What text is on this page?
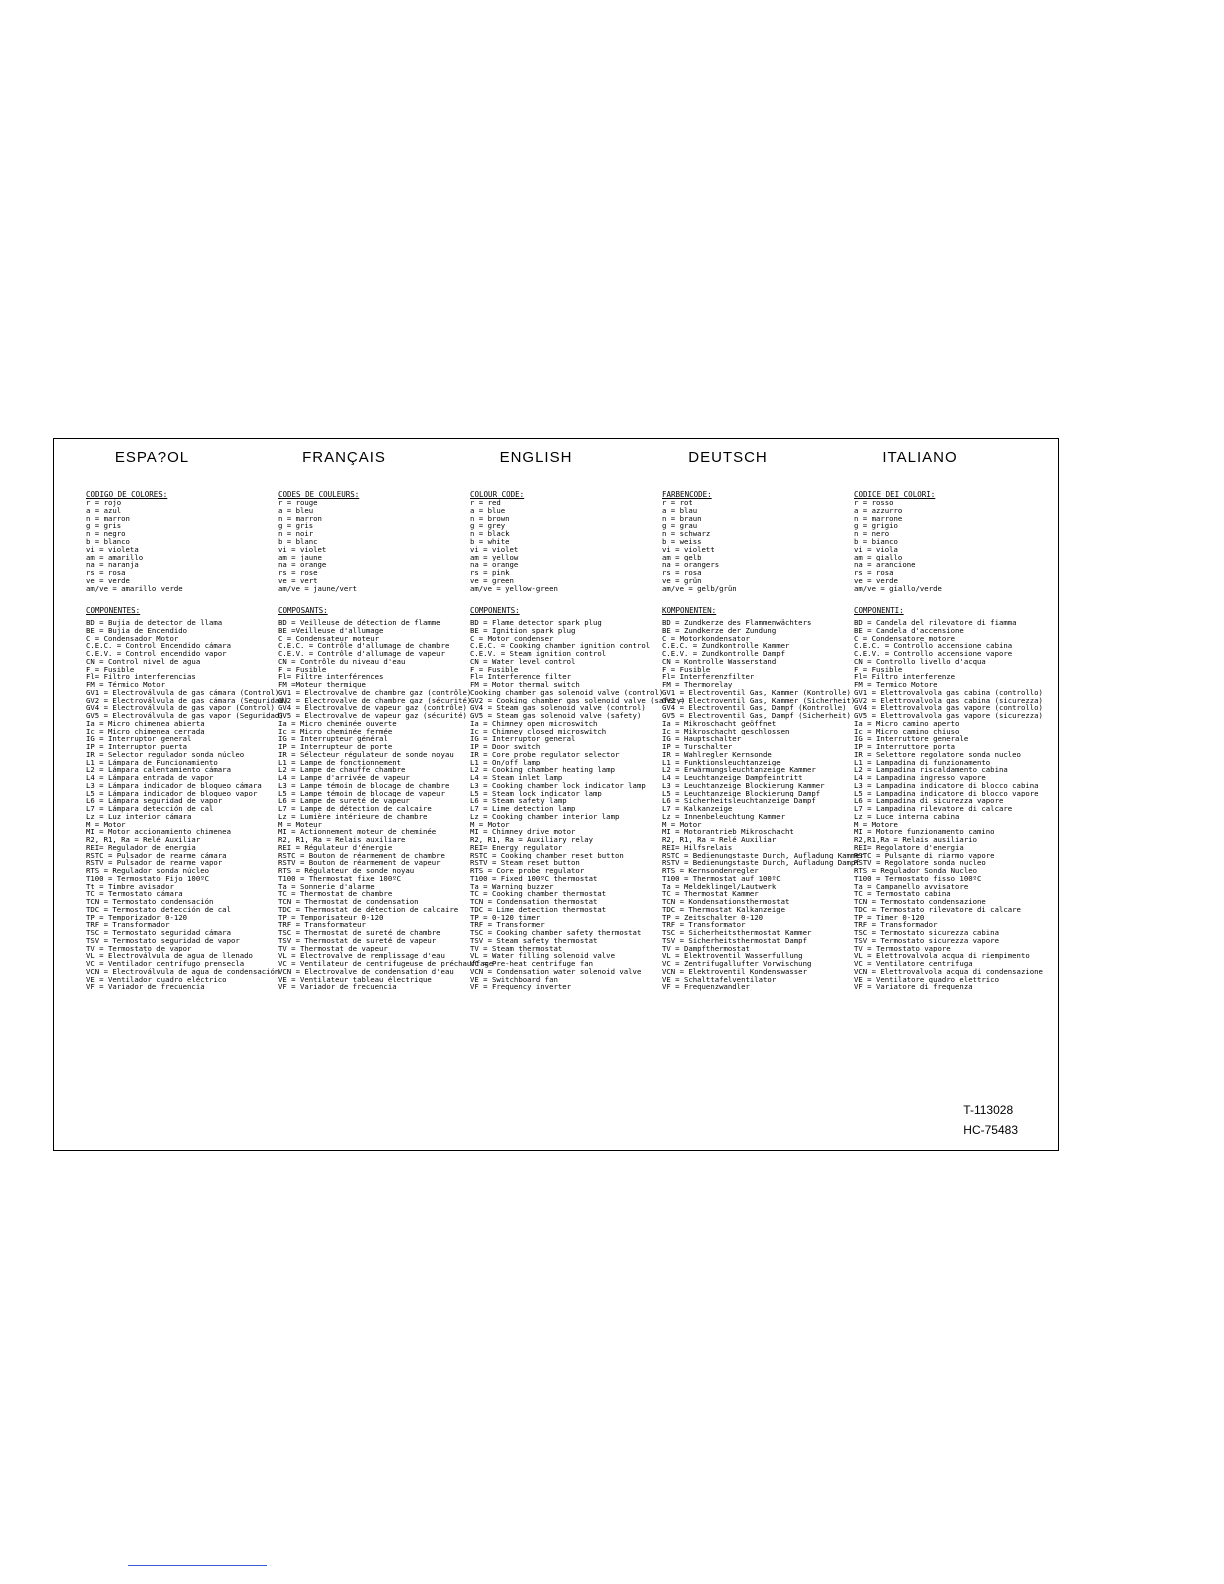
ESPA?OL
CODIGO DE COLORES:
r = rojo
a = azul
n = marron
g = gris
n = negro
b = blanco
vi = violeta
am = amarillo
na = naranja
rs = rosa
ve = verde
am/ve = amarillo verde
COMPONENTES:
BD = Bujia de detector de llama
BE = Bujia de Encendido
C = Condensador Motor
C.E.C. = Control Encendido cámara
C.E.V. = Control encendido vapor
CN = Control nivel de agua
F = Fusible
Fl= Filtro interferencias
FM = Térmico Motor
GV1 = Electroválvula de gas cámara (Control)
GV2 = Electroválvula de gas cámara (Seguridad)
GV4 = Electroválvula de gas vapor (Control)
GV5 = Electroválvula de gas vapor (Seguridad)
Ia = Micro chimenea abierta
Ic = Micro chimenea cerrada
IG = Interruptor general
IP = Interruptor puerta
IR = Selector regulador sonda núcleo
L1 = Lámpara de Funcionamiento
L2 = Lámpara calentamiento cámara
L4 = Lámpara entrada de vapor
L3 = Lámpara indicador de bloqueo cámara
L5 = Lámpara indicador de bloqueo vapor
L6 = Lámpara seguridad de vapor
L7 = Lámpara detección de cal
Lz = Luz interior cámara
M = Motor
MI = Motor accionamiento chimenea
R2, R1, Ra = Relé Auxiliar
REI= Regulador de energía
RSTC = Pulsador de rearme cámara
RSTV = Pulsador de rearme vapor
RTS = Regulador sonda núcleo
T100 = Termostato Fijo 100ºC
Tt = Timbre avisador
TC = Termostato cámara
TCN = Termostato condensación
TDC = Termostato detección de cal
TP = Temporizador 0-120
TRF = Transformador
TSC = Termostato seguridad cámara
TSV = Termostato seguridad de vapor
TV = Termostato de vapor
VL = Electroválvula de agua de llenado
VC = Ventilador centrífugo prensecla
VCN = Electroválvula de agua de condensación
VE = Ventilador cuadro eléctrico
VF = Variador de frecuencia
FRANÇAIS
CODES DE COULEURS:
r = rouge
a = bleu
n = marron
g = gris
n = noir
b = blanc
vi = violet
am = jaune
na = orange
rs = rose
ve = vert
am/ve = jaune/vert
COMPOSANTS:
BD = Veilleuse de détection de flamme
BE =Veilleuse d'allumage
C = Condensateur moteur
C.E.C. = Contrôle d'allumage de chambre
C.E.V. = Contrôle d'allumage de vapeur
CN = Contrôle du niveau d'eau
F = Fusible
Fl= Filtre interférences
FM =Moteur thermique
GV1 = Électrovalve de chambre gaz (contrôle)
GV2 = Électrovalve de chambre gaz (sécurité)
GV4 = Électrovalve de vapeur gaz (contrôle)
GV5 = Électrovalve de vapeur gaz (sécurité)
Ia = Micro cheminée ouverte
Ic = Micro cheminée fermée
IG = Interrupteur général
IP = Interrupteur de porte
IR = Sélecteur régulateur de sonde noyau
L1 = Lampe de fonctionnement
L2 = Lampe de chauffe chambre
L4 = Lampe d'arrivée de vapeur
L3 = Lampe témoin de blocage de chambre
L5 = Lampe témoin de blocage de vapeur
L6 = Lampe de sureté de vapeur
L7 = Lampe de détection de calcaire
Lz = Lumière intérieure de chambre
M = Moteur
MI = Actionnement moteur de cheminée
R2, R1, Ra = Relais auxiliare
REI = Régulateur d'énergie
RSTC = Bouton de réarmement de chambre
RSTV = Bouton de réarmement de vapeur
RTS = Régulateur de sonde noyau
T100 = Thermostat fixe 100ºC
Ta = Sonnerie d'alarme
TC = Thermostat de chambre
TCN = Thermostat de condensation
TDC = Thermostat de détection de calcaire
TP = Temporisateur 0-120
TRF = Transformateur
TSC = Thermostat de sureté de chambre
TSV = Thermostat de sureté de vapeur
TV = Thermostat de vapeur
VL = Électrovalve de remplissage d'eau
VC = Ventilateur de centrifugeuse de préchauffage
VCN = Électrovalve de condensation d'eau
VE = Ventilateur tableau électrique
VF = Variador de frecuencia
ENGLISH
COLOUR CODE:
r = red
a = blue
n = brown
g = grey
n = black
b = white
vi = violet
am = yellow
na = orange
rs = pink
ve = green
am/ve = yellow-green
COMPONENTS:
BD = Flame detector spark plug
BE = Ignition spark plug
C = Motor condenser
C.E.C. = Cooking chamber ignition control
C.E.V. = Steam ignition control
CN = Water level control
F = Fusible
Fl= Interference filter
FM = Motor thermal switch
Cooking chamber gas solenoid valve (control)
GV2 = Cooking chamber gas solenoid valve (safety)
GV4 = Steam gas solenoid valve (control)
GV5 = Steam gas solenoid valve (safety)
Ia = Chimney open microswitch
Ic = Chimney closed microswitch
IG = Interruptor general
IP = Door switch
IR = Core probe regulator selector
L1 = On/off lamp
L2 = Cooking chamber heating lamp
L4 = Steam inlet lamp
L3 = Cooking chamber lock indicator lamp
L5 = Steam lock indicator lamp
L6 = Steam safety lamp
L7 = Lime detection lamp
Lz = Cooking chamber interior lamp
M = Motor
MI = Chimney drive motor
R2, R1, Ra = Auxiliary relay
REI= Energy regulator
RSTC = Cooking chamber reset button
RSTV = Steam reset button
RTS = Core probe regulator
T100 = Fixed 100ºC thermostat
Ta = Warning buzzer
TC = Cooking chamber thermostat
TCN = Condensation thermostat
TDC = Lime detection thermostat
TP = 0-120 timer
TRF = Transformer
TSC = Cooking chamber safety thermostat
TSV = Steam safety thermostat
TV = Steam thermostat
VL = Water filling solenoid valve
VC = Pre-heat centrifuge fan
VCN = Condensation water solenoid valve
VE = Switchboard fan
VF = Frequency inverter
DEUTSCH
FARBENCODE:
r = rot
a = blau
n = braun
g = grau
n = schwarz
b = weiss
vi = violett
am = gelb
na = orangers
rs = rosa
ve = grün
am/ve = gelb/grün
KOMPONENTEN:
BD = Zundkerze des Flammenwächters
BE = Zundkerze der Zundung
C = Motorkondensator
C.E.C. = Zundkontrolle Kammer
C.E.V. = Zundkontrolle Dampf
CN = Kontrolle Wasserstand
F = Fusible
Fl= Interferenzfilter
FM = Thermorelay
GV1 = Electroventil Gas, Kammer (Kontrolle)
GV2 = Electroventil Gas, Kammer (Sicherheit)
GV4 = Electroventil Gas, Dampf (Kontrolle)
GV5 = Electroventil Gas, Dampf (Sicherheit)
Ia = Mikroschacht geöffnet
Ic = Mikroschacht geschlossen
IG = Hauptschalter
IP = Turschalter
IR = Wahlregler Kernsonde
L1 = Funktionsleuchtanzeige
L2 = Erwärmungsleuchtanzeige Kammer
L4 = Leuchtanzeige Dampfeintritt
L3 = Leuchtanzeige Blockierung Kammer
L5 = Leuchtanzeige Blockierung Dampf
L6 = Sicherheitsleuchtanzeige Dampf
L7 = Kalkanzeige
Lz = Innenbeleuchtung Kammer
M = Motor
MI = Motorantrieb Mikroschacht
R2, R1, Ra = Relé Auxiliar
REI= Hilfsrelais
RSTC = Bedienungstaste Durch, Aufladung Kammer
RSTV = Bedienungstaste Durch, Aufladung Dampf
RTS = Kernsondenregler
T100 = Thermostat auf 100ºC
Ta = Meldeklingel/Lautwerk
TC = Thermostat Kammer
TCN = Kondensationsthermostat
TDC = Thermostat Kalkanzeige
TP = Zeitschalter 0-120
TRF = Transformator
TSC = Sicherheitsthermostat Kammer
TSV = Sicherheitsthermostat Dampf
TV = Dampfthermostat
VL = Elektroventil Wasserfullung
VC = Zentrifugallufter Vorwischung
VCN = Elektroventil Kondenswasser
VE = Schalttafelventilator
VF = Frequenzwandler
ITALIANO
CODICE DEI COLORI:
r = rosso
a = azzurro
n = marrone
g = grigio
n = nero
b = bianco
vi = viola
am = giallo
na = arancione
rs = rosa
ve = verde
am/ve = giallo/verde
COMPONENTI:
BD = Candela del rilevatore di fiamma
BE = Candela d'accensione
C = Condensatore motore
C.E.C. = Controllo accensione cabina
C.E.V. = Controllo accensione vapore
CN = Controllo livello d'acqua
F = Fusible
Fl= Filtro interferenze
FM = Termico Motore
GV1 = Elettrovalvola gas cabina (controllo)
GV2 = Elettrovalvola gas cabina (sicurezza)
GV4 = Elettrovalvola gas vapore (controllo)
GV5 = Elettrovalvola gas vapore (sicurezza)
Ia = Micro camino aperto
Ic = Micro camino chiuso
IG = Interruttore generale
IP = Interruttore porta
IR = Selettore regolatore sonda nucleo
L1 = Lampadina di funzionamento
L2 = Lampadina riscaldamento cabina
L4 = Lampadina ingresso vapore
L3 = Lampadina indicatore di blocco cabina
L5 = Lampadina indicatore di blocco vapore
L6 = Lampadina di sicurezza vapore
L7 = Lampadina rilevatore di calcare
Lz = Luce interna cabina
M = Motore
MI = Motore funzionamento camino
R2,R1,Ra = Relais ausiliario
REI= Regolatore d'energia
RSTC = Pulsante di riarmo vapore
RSTV = Regolatore sonda nucleo
RTS = Regulador Sonda Nucleo
T100 = Termostato fisso 100ºC
Ta = Campanello avvisatore
TC = Termostato cabina
TCN = Termostato condensazione
TDC = Termostato rilevatore di calcare
TP = Timer 0-120
TRF = Transformador
TSC = Termostato sicurezza cabina
TSV = Termostato sicurezza vapore
TV = Termostato vapore
VL = Elettrovalvola acqua di riempimento
VC = Ventilatore centrifuga
VCN = Elettrovalvola acqua di condensazione
VE = Ventilatore quadro elettrico
VF = Variatore di frequenza
T-113028
HC-75483
